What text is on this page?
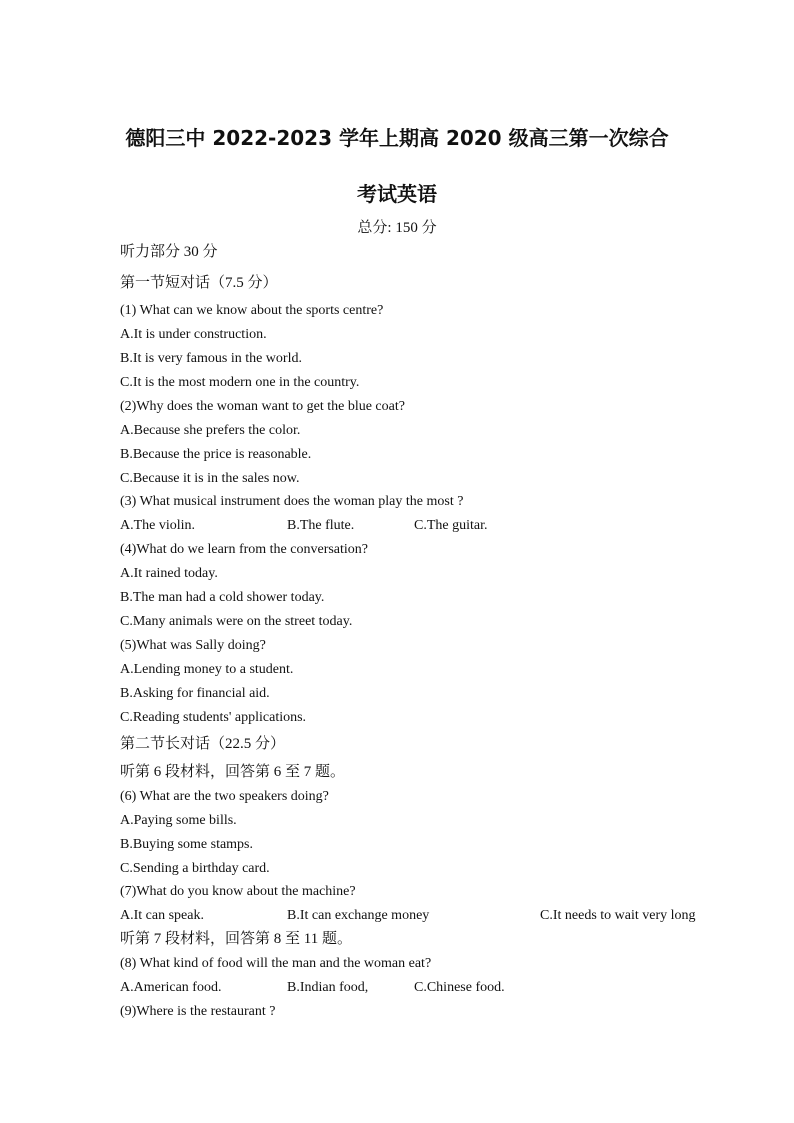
德阳三中 2022-2023 学年上期高 2020 级高三第一次综合
考试英语
总分: 150 分
听力部分 30 分
第一节短对话（7.5 分）
(1) What can we know about the sports centre?
A.It is under construction.
B.It is very famous in the world.
C.It is the most modern one in the country.
(2)Why does the woman want to get the blue coat?
A.Because she prefers the color.
B.Because the price is reasonable.
C.Because it is in the sales now.
(3) What musical instrument does the woman play the most ?
A.The violin.	B.The flute.	C.The guitar.
(4)What do we learn from the conversation?
A.It rained today.
B.The man had a cold shower today.
C.Many animals were on the street today.
(5)What was Sally doing?
A.Lending money to a student.
B.Asking for financial aid.
C.Reading students' applications.
第二节长对话（22.5 分）
听第 6 段材料，回答第 6 至 7 题。
(6) What are the two speakers doing?
A.Paying some bills.
B.Buying some stamps.
C.Sending a birthday card.
(7)What do you know about the machine?
A.It can speak.	B.It can exchange money	C.It needs to wait very long
听第 7 段材料，回答第 8 至 11 题。
(8) What kind of food will the man and the woman eat?
A.American food.	B.Indian food,	C.Chinese food.
(9)Where is the restaurant ?
